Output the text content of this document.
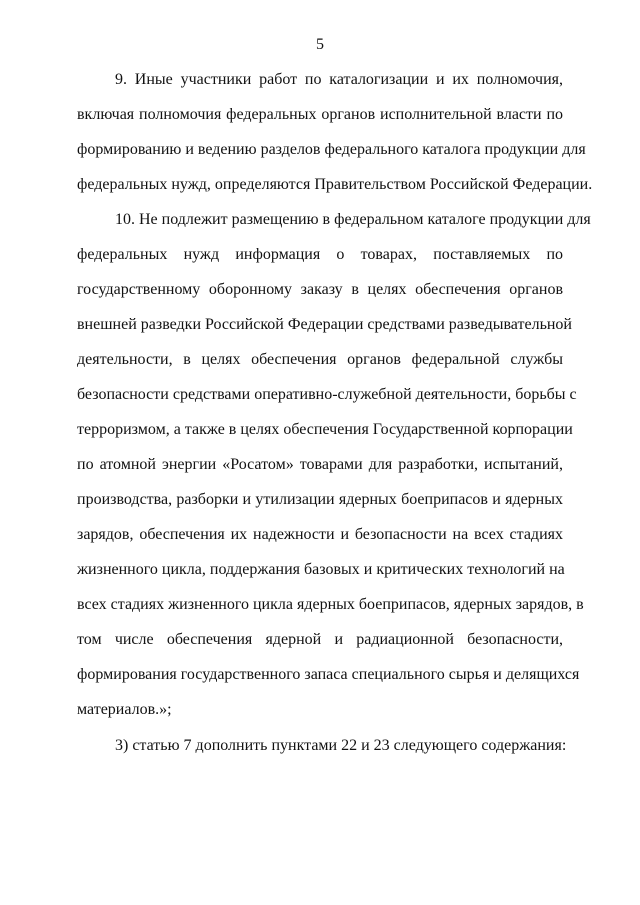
5
9. Иные участники работ по каталогизации и их полномочия,
включая полномочия федеральных органов исполнительной власти по
формированию и ведению разделов федерального каталога продукции для
федеральных нужд, определяются Правительством Российской Федерации.
10. Не подлежит размещению в федеральном каталоге продукции для
федеральных нужд информация о товарах, поставляемых по
государственному оборонному заказу в целях обеспечения органов
внешней разведки Российской Федерации средствами разведывательной
деятельности, в целях обеспечения органов федеральной службы
безопасности средствами оперативно-служебной деятельности, борьбы с
терроризмом, а также в целях обеспечения Государственной корпорации
по атомной энергии «Росатом» товарами для разработки, испытаний,
производства, разборки и утилизации ядерных боеприпасов и ядерных
зарядов, обеспечения их надежности и безопасности на всех стадиях
жизненного цикла, поддержания базовых и критических технологий на
всех стадиях жизненного цикла ядерных боеприпасов, ядерных зарядов, в
том числе обеспечения ядерной и радиационной безопасности,
формирования государственного запаса специального сырья и делящихся
материалов.»;
3) статью 7 дополнить пунктами 22 и 23 следующего содержания:
